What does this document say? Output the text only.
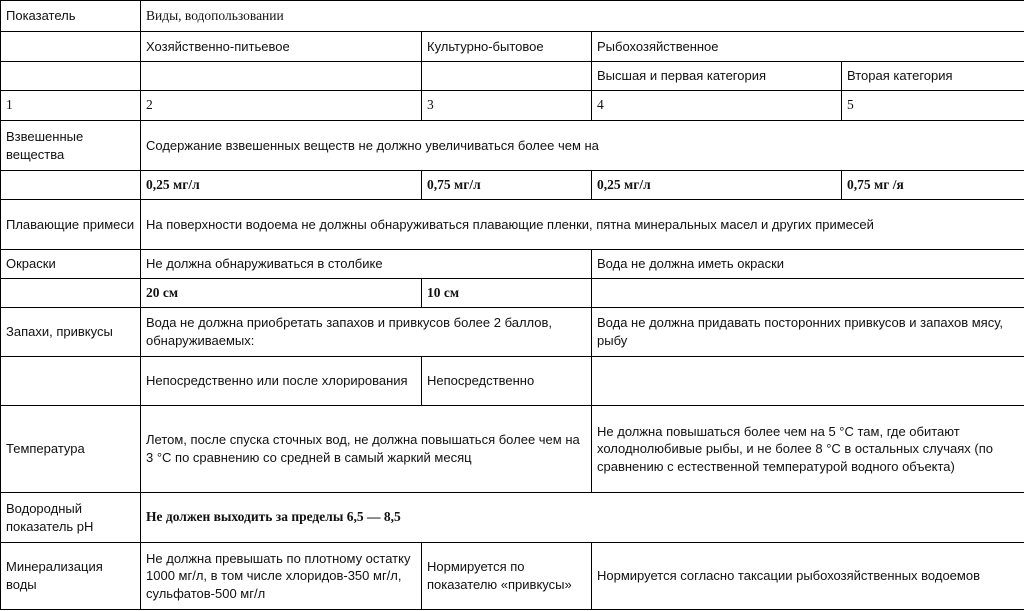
Показатель	Виды, водопользовании			
	Хозяйственно-питьевое	Культурно-бытовое	Рыбохозяйственное	
			Высшая и первая категория	Вторая категория
1	2	3	4	5
Взвешенные вещества	Содержание взвешенных веществ не должно увеличиваться более чем на			
	0,25 мг/л	0,75 мг/л	0,25 мг/л	0,75 мг /я
Плавающие примеси	На поверхности водоема не должны обнаруживаться плавающие пленки, пятна минеральных масел и других примесей			
Окраски	Не должна обнаруживаться в столбике		Вода не должна иметь окраски	
	20 см	10 см		
Запахи, привкусы	Вода не должна приобретать запахов и привкусов более 2 баллов, обнаруживаемых:		Вода не должна придавать посторонних привкусов и запахов мясу, рыбу	
	Непосредственно или после хлорирования	Непосредственно		
Температура	Летом, после спуска сточных вод, не должна повышаться более чем на 3 °С по сравнению со средней в самый жаркий месяц		Не должна повышаться более чем на 5 °С там, где обитают холоднолюбивые рыбы, и не более 8 °С в остальных случаях (по сравнению с естественной температурой водного объекта)	
Водородный показатель рН	Не должен выходить за пределы 6,5 — 8,5			
Минерализация воды	Не должна превышать по плотному остатку 1000 мг/л, в том числе хлоридов-350 мг/л, сульфатов-500 мг/л	Нормируется по показателю «привкусы»	Нормируется согласно таксации рыбохозяйственных водоемов	
